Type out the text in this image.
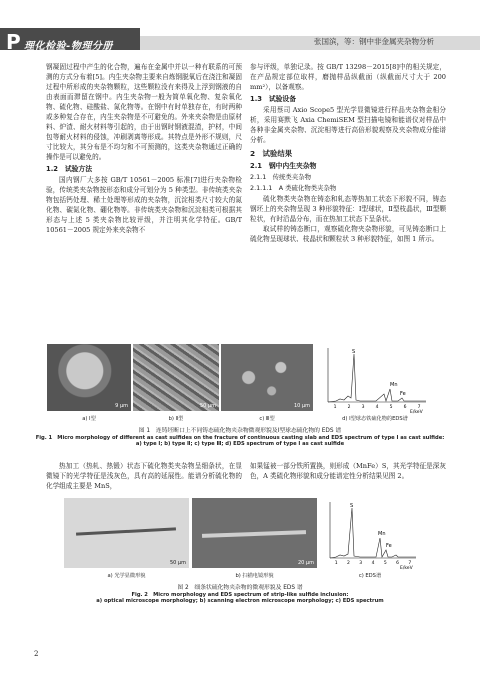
P理化检验-物理分册	张国滨，等：钢中非金属夹杂物分析

钢凝固过程中产生的化合物，遍布在金属中并以一种有联系的可预测的方式分布着[5]。内生夹杂物主要来自炼钢脱氧后在浇注和凝固过程中所形成的夹杂物颗粒，这些颗粒没有来得及上浮到钢液的自由表面而滞留在钢中。内生夹杂物一般为简单氧化物、复杂氧化物、硫化物、硅酸盐、氮化物等。在钢中有时单独存在，有时两种或多种复合存在，内生夹杂物是不可避免的。外来夹杂物是由原材料、炉渣、耐火材料等引起的，由于出钢时钢液混渣，护材，中间包等耐火材料的侵蚀，冲刷剥离等形成。其特点是外形不规则，尺寸比较大，其分布是不均匀和不可预测的，这类夹杂物通过正确的操作是可以避免的。

1.2　试验方法

国内钢厂大多按 GB/T 10561－2005 标准[7]进行夹杂物检验，传统类夹杂物按形态和成分可划分为 5 种类型。非传统类夹杂物包括钙处理、稀土处理等形成的夹杂物，沉淀相类尺寸较大的氮化物、碳氮化物、硼化物等。非传统类夹杂物和沉淀相类可根据其形态与上述 5 类夹杂物比较评级，并注明其化学特征。GB/T 10561－2005 规定外来夹杂物不

参与评级，单独记录。按 GB/T 13298－2015[8]中的相关规定，在产品规定部位取样，磨抛样品纵截面（纵截面尺寸大于 200 mm²），以备观察。

1.3　试验设备

采用蔡司 Axio Scope5 型光学显微镜进行样品夹杂物金相分析，采用赛默飞 Axia ChemiSEM 型扫描电镜和能谱仪对样品中各种非金属夹杂物、沉淀相等进行高倍形貌观察及夹杂物成分能谱分析。

2　试验结果
2.1　钢中内生夹杂物
2.1.1　传统类夹杂物
2.1.1.1　A 类硫化物类夹杂物

硫化物类夹杂物在铸态和轧态等热加工状态下形貌不同，铸态钢坯上的夹杂物呈现 3 种形貌特征：Ⅰ型球状，Ⅱ型枝晶状，Ⅲ型颗粒状，有时沿晶分布，而在热加工状态下呈条状。

取试样的铸态断口，观察硫化物夹杂物形貌，可见铸态断口上硫化物呈现球状、枝晶状和颗粒状 3 种形貌特征，如图 1 所示。

9 μm	50 μm	10 μm
S
Mn
Fe
1 2 3 4 5 6 7
E/keV
a) Ⅰ型	b) Ⅱ型	c) Ⅲ型	d) Ⅰ型球态铁硫化物的EDS谱
图 1　连铸坯断口上不同铸态硫化物夹杂物微观形貌及Ⅰ型球态硫化物的 EDS 谱
Fig. 1　Micro morphology of different as cast sulfides on the fracture of continuous casting slab and EDS spectrum of type Ⅰ as cast sulfide:
a) type Ⅰ; b) type Ⅱ; c) type Ⅲ; d) EDS spectrum of type Ⅰ as cast sulfide

热加工（热轧、热锻）状态下硫化物类夹杂物呈细条状，在显微镜下的光学特征是浅灰色，具有高的延展性。能谱分析硫化物的化学组成主要是 MnS，

如果锰被一部分铁所置换，则形成（MnFe）S，其光学特征是深灰色，A 类硫化物形貌和成分能谱定性分析结果见图 2。

50 μm	20 μm
S
Mn
Fe
1 2 3 4 5 6 7
E/keV
a) 光学显微形貌	b) 扫描电镜形貌	c) EDS谱
图 2　细条状硫化物夹杂物的微观形貌及 EDS 谱
Fig. 2　Micro morphology and EDS spectrum of strip-like sulfide inclusion:
a) optical microscope morphology; b) scanning electron microscope morphology; c) EDS spectrum
2
